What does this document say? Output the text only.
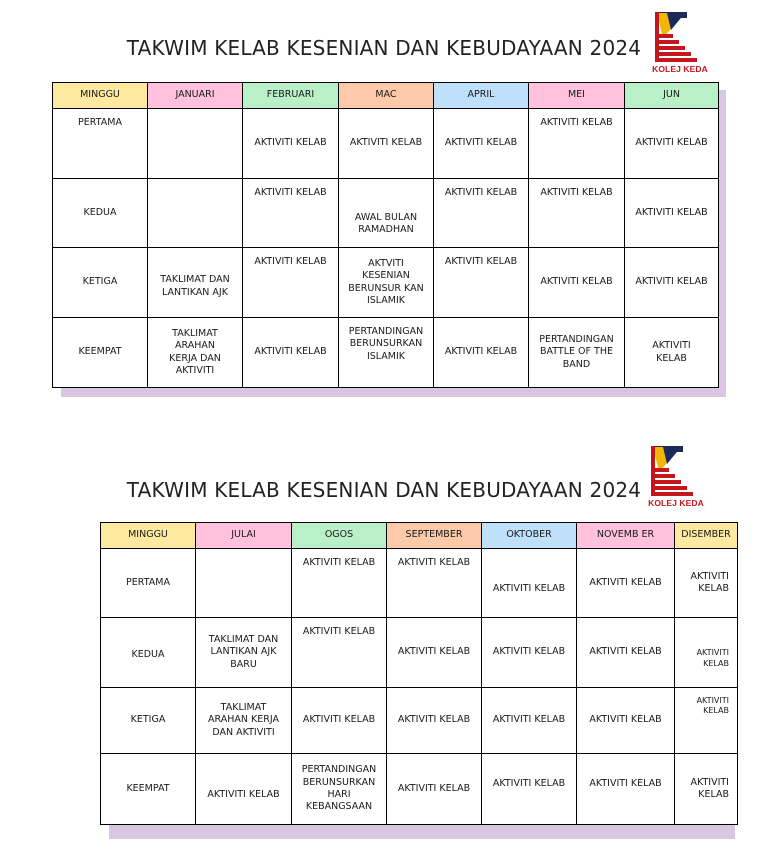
TAKWIM KELAB KESENIAN DAN KEBUDAYAAN 2024
KOLEJ KEDA
MINGGU	JANUARI	FEBRUARI	MAC	APRIL	MEI	JUN
PERTAMA		AKTIVITI KELAB	AKTIVITI KELAB	AKTIVITI KELAB	AKTIVITI KELAB	AKTIVITI KELAB
KEDUA		AKTIVITI KELAB	AWAL BULAN RAMADHAN	AKTIVITI KELAB	AKTIVITI KELAB	AKTIVITI KELAB
KETIGA	TAKLIMAT DAN LANTIKAN AJK	AKTIVITI KELAB	AKTVITI KESENIAN BERUNSUR KAN ISLAMIK	AKTIVITI KELAB	AKTIVITI KELAB	AKTIVITI KELAB
KEEMPAT	TAKLIMAT ARAHAN KERJA DAN AKTIVITI	AKTIVITI KELAB	PERTANDINGAN BERUNSURKAN ISLAMIK	AKTIVITI KELAB	PERTANDINGAN BATTLE OF THE BAND	AKTIVITI KELAB
TAKWIM KELAB KESENIAN DAN KEBUDAYAAN 2024
KOLEJ KEDA
MINGGU	JULAI	OGOS	SEPTEMBER	OKTOBER	NOVEMB ER	DISEMBER
PERTAMA		AKTIVITI KELAB	AKTIVITI KELAB	AKTIVITI KELAB	AKTIVITI KELAB	AKTIVITI KELAB
KEDUA	TAKLIMAT DAN LANTIKAN AJK BARU	AKTIVITI KELAB	AKTIVITI KELAB	AKTIVITI KELAB	AKTIVITI KELAB	AKTIVITI KELAB
KETIGA	TAKLIMAT ARAHAN KERJA DAN AKTIVITI	AKTIVITI KELAB	AKTIVITI KELAB	AKTIVITI KELAB	AKTIVITI KELAB	AKTIVITI KELAB
KEEMPAT	AKTIVITI KELAB	PERTANDINGAN BERUNSURKAN HARI KEBANGSAAN	AKTIVITI KELAB	AKTIVITI KELAB	AKTIVITI KELAB	AKTIVITI KELAB
